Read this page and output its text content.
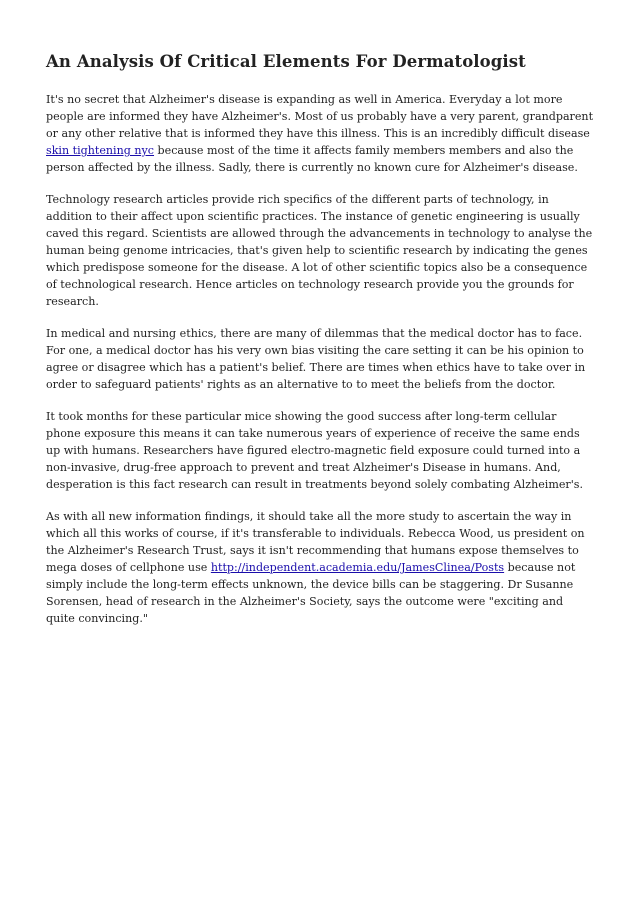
An Analysis Of Critical Elements For Dermatologist

It's no secret that Alzheimer's disease is expanding as well in America. Everyday a lot more people are informed they have Alzheimer's. Most of us probably have a very parent, grandparent or any other relative that is informed they have this illness. This is an incredibly difficult disease skin tightening nyc because most of the time it affects family members members and also the person affected by the illness. Sadly, there is currently no known cure for Alzheimer's disease.

Technology research articles provide rich specifics of the different parts of technology, in addition to their affect upon scientific practices. The instance of genetic engineering is usually caved this regard. Scientists are allowed through the advancements in technology to analyse the human being genome intricacies, that's given help to scientific research by indicating the genes which predispose someone for the disease. A lot of other scientific topics also be a consequence of technological research. Hence articles on technology research provide you the grounds for research.

In medical and nursing ethics, there are many of dilemmas that the medical doctor has to face. For one, a medical doctor has his very own bias visiting the care setting it can be his opinion to agree or disagree which has a patient's belief. There are times when ethics have to take over in order to safeguard patients' rights as an alternative to to meet the beliefs from the doctor.

It took months for these particular mice showing the good success after long-term cellular phone exposure this means it can take numerous years of experience of receive the same ends up with humans. Researchers have figured electro-magnetic field exposure could turned into a non-invasive, drug-free approach to prevent and treat Alzheimer's Disease in humans. And, desperation is this fact research can result in treatments beyond solely combating Alzheimer's.

As with all new information findings, it should take all the more study to ascertain the way in which all this works of course, if it's transferable to individuals. Rebecca Wood, us president on the Alzheimer's Research Trust, says it isn't recommending that humans expose themselves to mega doses of cellphone use http://independent.academia.edu/JamesClinea/Posts because not simply include the long-term effects unknown, the device bills can be staggering. Dr Susanne Sorensen, head of research in the Alzheimer's Society, says the outcome were "exciting and quite convincing."
